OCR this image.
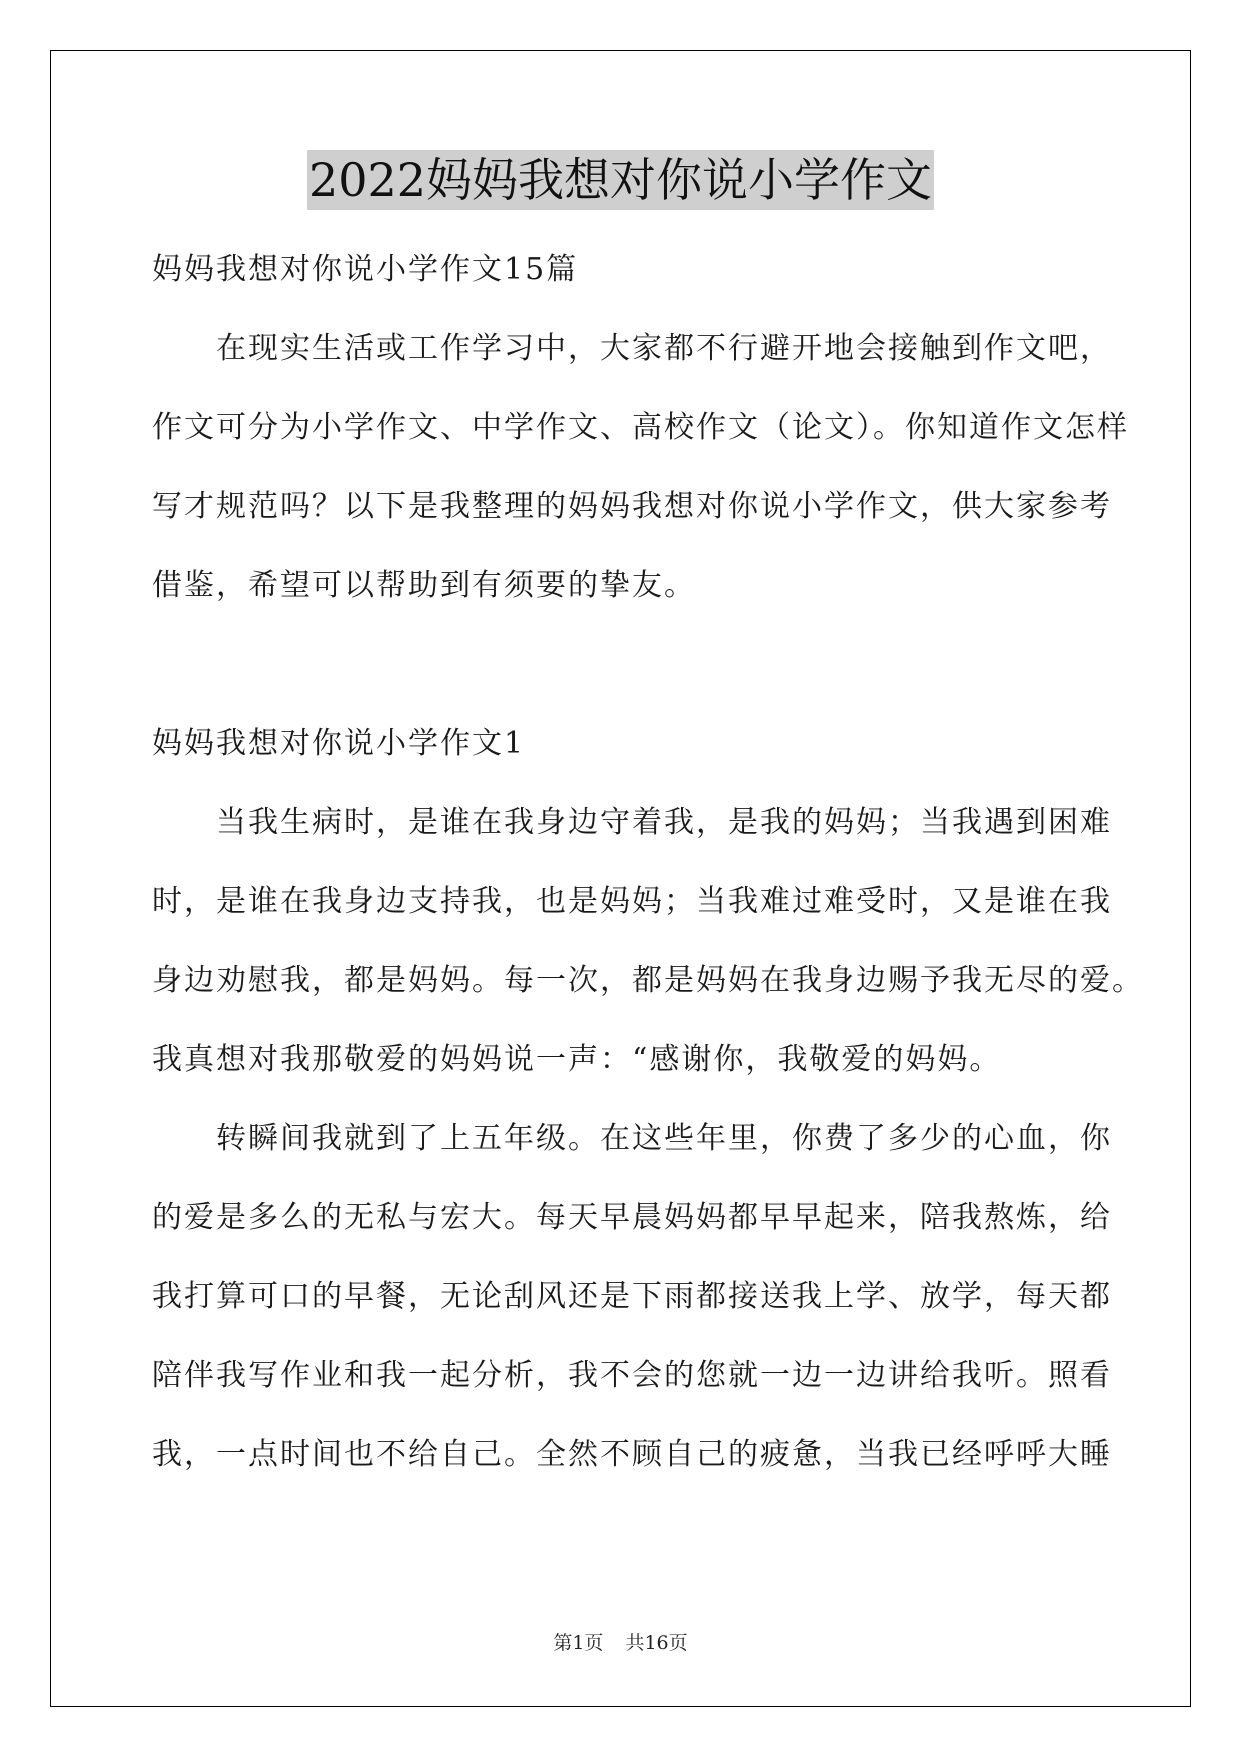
2022妈妈我想对你说小学作文

妈妈我想对你说小学作文15篇

在现实生活或工作学习中，大家都不行避开地会接触到作文吧，

作文可分为小学作文、中学作文、高校作文（论文）。你知道作文怎样

写才规范吗？以下是我整理的妈妈我想对你说小学作文，供大家参考

借鉴，希望可以帮助到有须要的挚友。

妈妈我想对你说小学作文1

当我生病时，是谁在我身边守着我，是我的妈妈；当我遇到困难

时，是谁在我身边支持我，也是妈妈；当我难过难受时，又是谁在我

身边劝慰我，都是妈妈。每一次，都是妈妈在我身边赐予我无尽的爱。

我真想对我那敬爱的妈妈说一声：“感谢你，我敬爱的妈妈。

转瞬间我就到了上五年级。在这些年里，你费了多少的心血，你

的爱是多么的无私与宏大。每天早晨妈妈都早早起来，陪我熬炼，给

我打算可口的早餐，无论刮风还是下雨都接送我上学、放学，每天都

陪伴我写作业和我一起分析，我不会的您就一边一边讲给我听。照看

我，一点时间也不给自己。全然不顾自己的疲惫，当我已经呼呼大睡

第1页 共16页
